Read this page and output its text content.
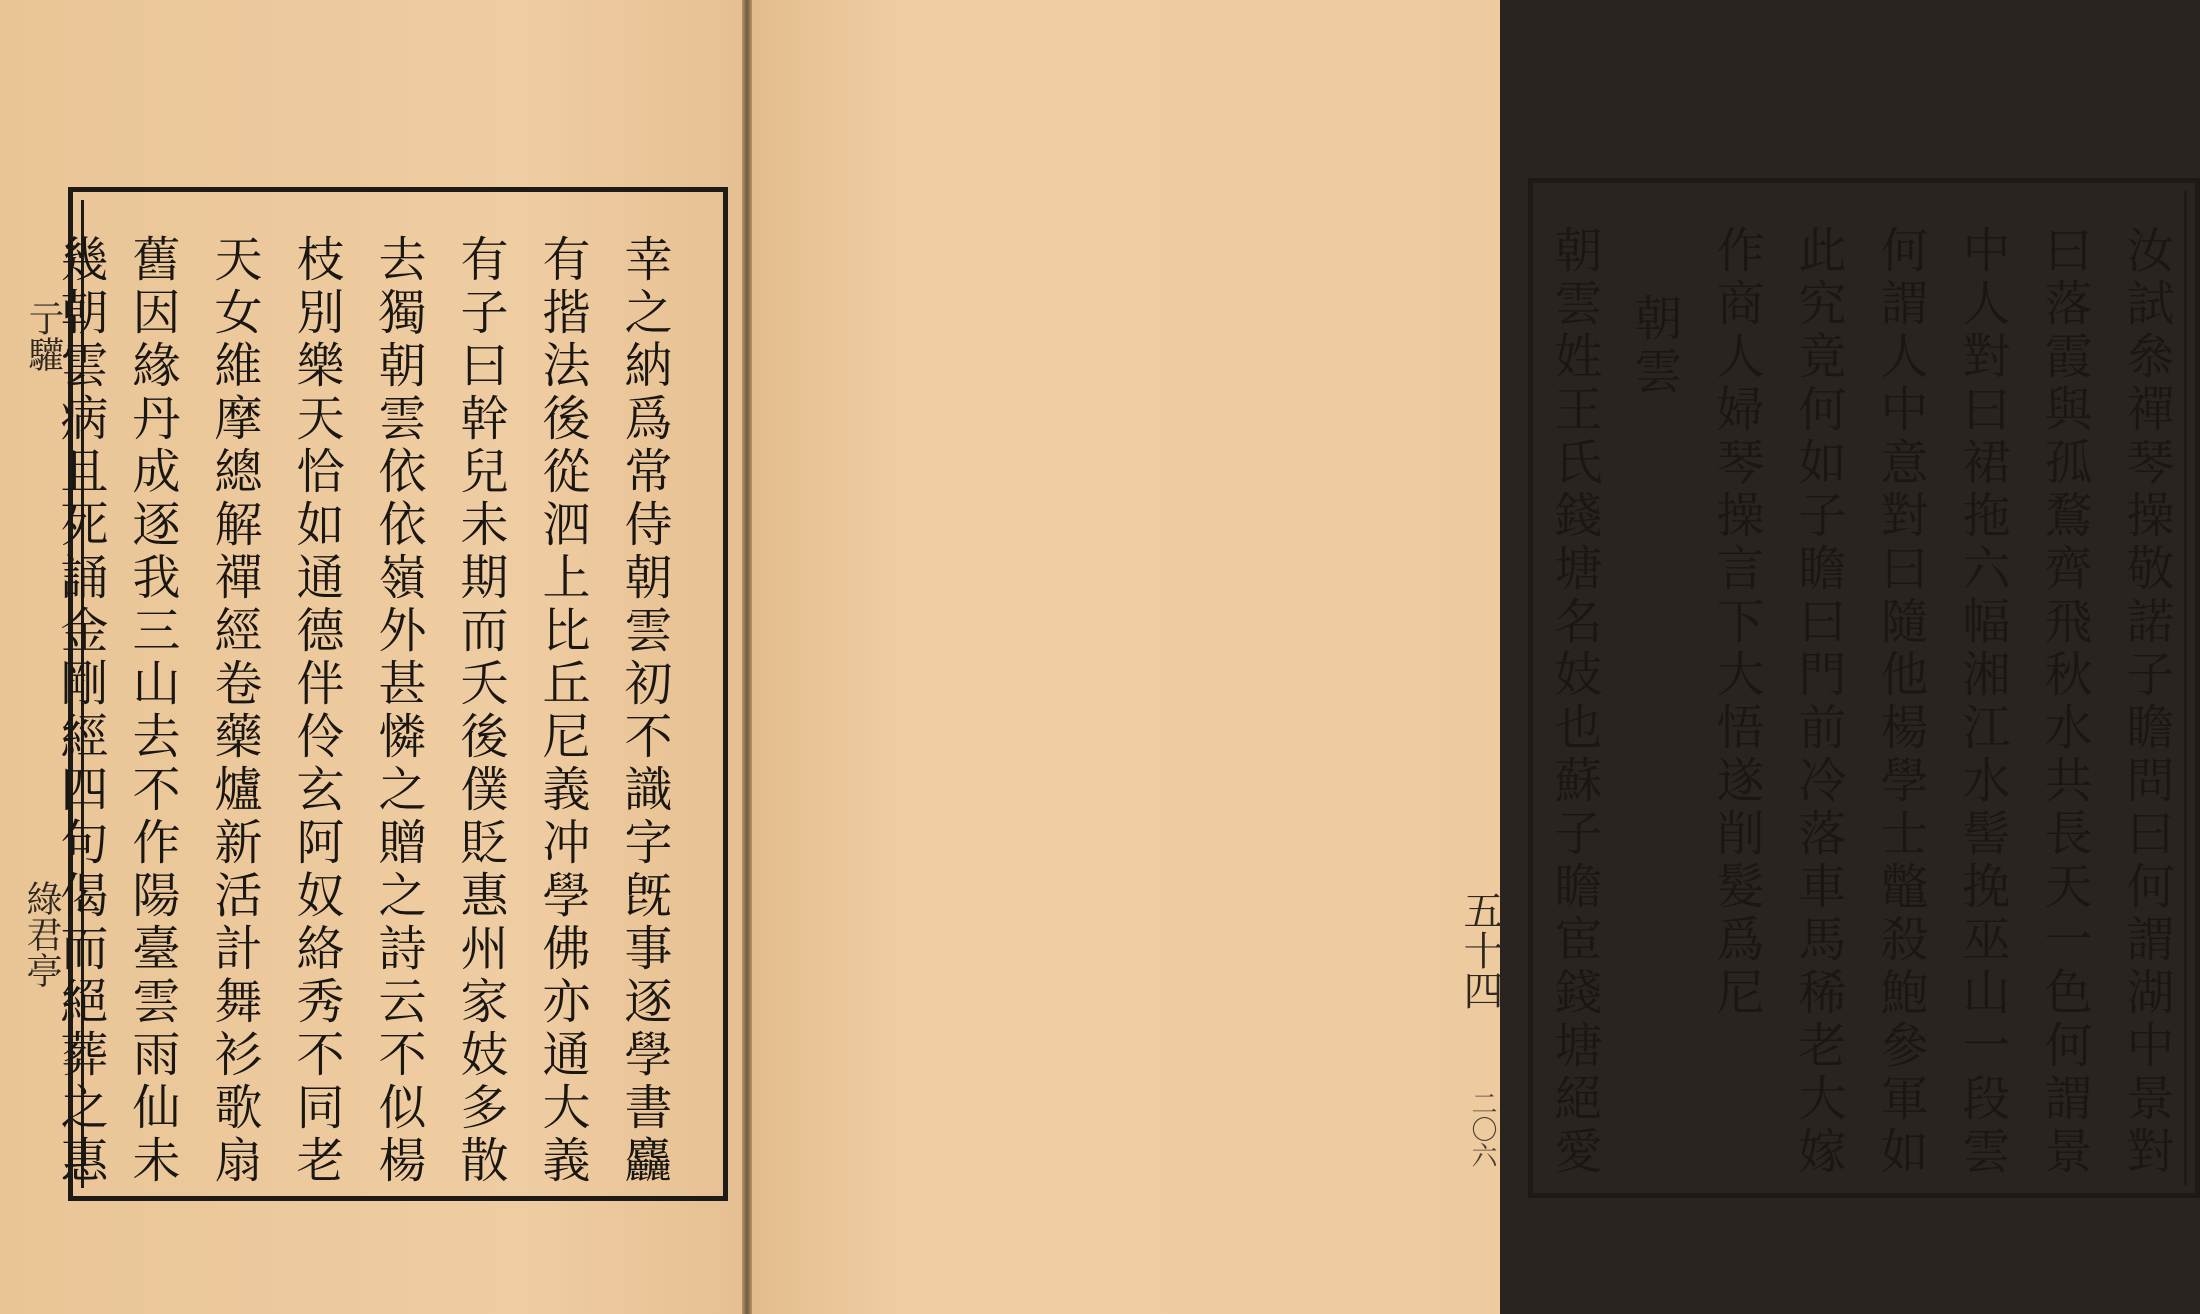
幸之納爲常侍朝雲初不識字旣事逐學書麤
有揩法後從泗上比丘尼義冲學佛亦通大義
有子曰幹兒未期而夭後僕貶惠州家妓多散
去獨朝雲依依嶺外甚憐之贈之詩云不似楊
枝別樂天恰如通德伴伶玄阿奴絡秀不同老
天女維摩總解禪經卷藥爐新活計舞衫歌扇
舊因緣丹成逐我三山去不作陽臺雲雨仙未
幾朝雲病且死誦金剛經四句偈而絕葬之惠
亍驩
綠君亭	汝試叅禪琴操敬諾子瞻問曰何謂湖中景對
曰落霞與孤鶩齊飛秋水共長天一色何謂景
中人對曰裙拖六幅湘江水髻挽巫山一段雲
何謂人中意對曰隨他楊學士鼈殺鮑參軍如
此究竟何如子瞻曰門前冷落車馬稀老大嫁
作商人婦琴操言下大悟遂削髮爲尼
朝雲
朝雲姓王氏錢塘名妓也蘇子瞻宦錢塘絕愛
五十四
二〇六
